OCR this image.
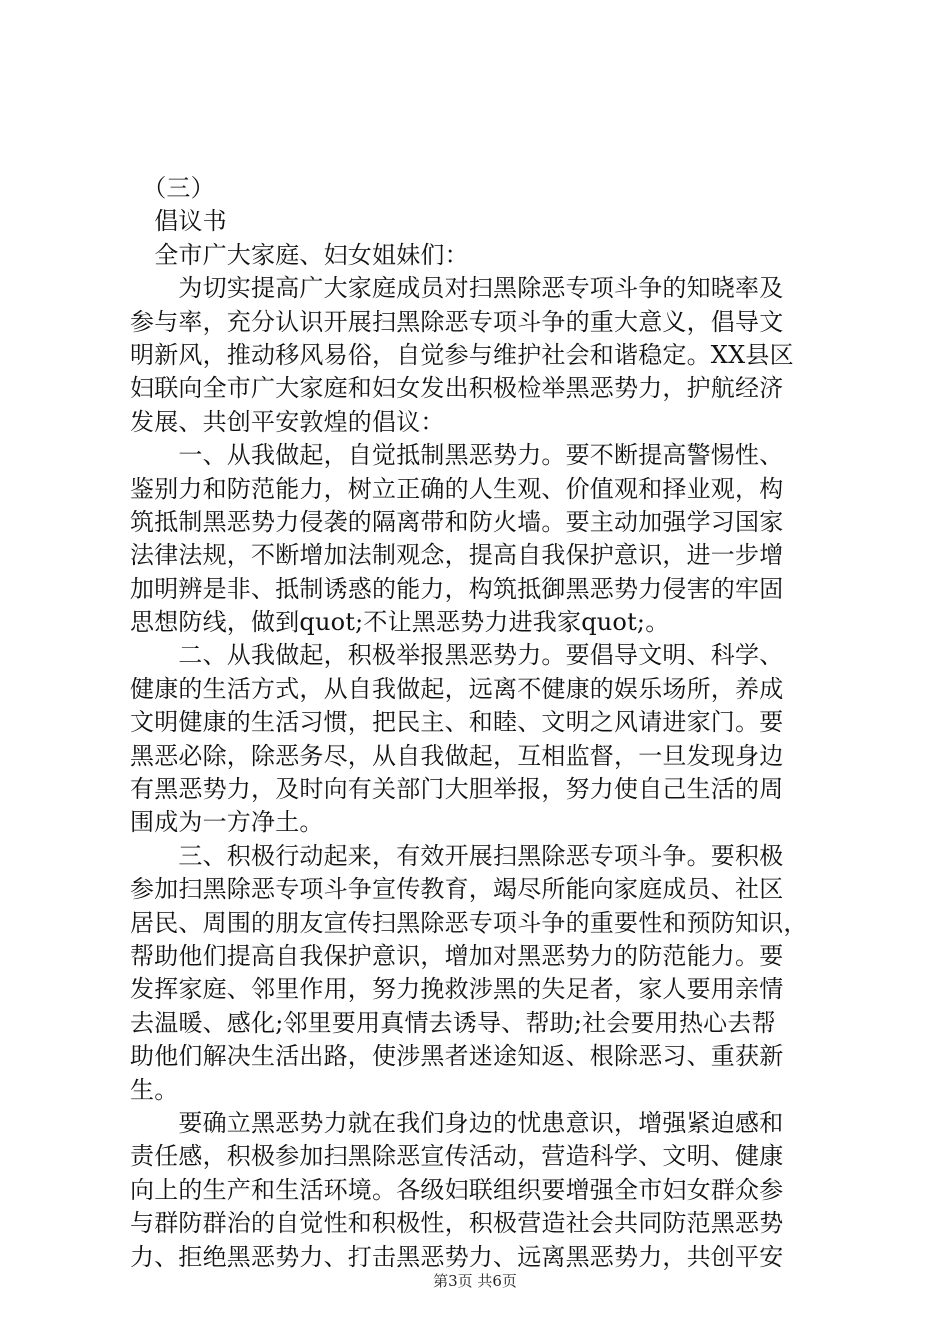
　（三）
　倡议书
　全市广大家庭、妇女姐妹们：
　　为切实提高广大家庭成员对扫黑除恶专项斗争的知晓率及
参与率，充分认识开展扫黑除恶专项斗争的重大意义，倡导文
明新风，推动移风易俗，自觉参与维护社会和谐稳定。XX县区
妇联向全市广大家庭和妇女发出积极检举黑恶势力，护航经济
发展、共创平安敦煌的倡议：
　　一、从我做起，自觉抵制黑恶势力。要不断提高警惕性、
鉴别力和防范能力，树立正确的人生观、价值观和择业观，构
筑抵制黑恶势力侵袭的隔离带和防火墙。要主动加强学习国家
法律法规，不断增加法制观念，提高自我保护意识，进一步增
加明辨是非、抵制诱惑的能力，构筑抵御黑恶势力侵害的牢固
思想防线，做到quot;不让黑恶势力进我家quot;。
　　二、从我做起，积极举报黑恶势力。要倡导文明、科学、
健康的生活方式，从自我做起，远离不健康的娱乐场所，养成
文明健康的生活习惯，把民主、和睦、文明之风请进家门。要
黑恶必除，除恶务尽，从自我做起，互相监督，一旦发现身边
有黑恶势力，及时向有关部门大胆举报，努力使自己生活的周
围成为一方净土。
　　三、积极行动起来，有效开展扫黑除恶专项斗争。要积极
参加扫黑除恶专项斗争宣传教育，竭尽所能向家庭成员、社区
居民、周围的朋友宣传扫黑除恶专项斗争的重要性和预防知识，
帮助他们提高自我保护意识，增加对黑恶势力的防范能力。要
发挥家庭、邻里作用，努力挽救涉黑的失足者，家人要用亲情
去温暖、感化;邻里要用真情去诱导、帮助;社会要用热心去帮
助他们解决生活出路，使涉黑者迷途知返、根除恶习、重获新
生。
　　要确立黑恶势力就在我们身边的忧患意识，增强紧迫感和
责任感，积极参加扫黑除恶宣传活动，营造科学、文明、健康
向上的生产和生活环境。各级妇联组织要增强全市妇女群众参
与群防群治的自觉性和积极性，积极营造社会共同防范黑恶势
力、拒绝黑恶势力、打击黑恶势力、远离黑恶势力，共创平安
第3页 共6页
